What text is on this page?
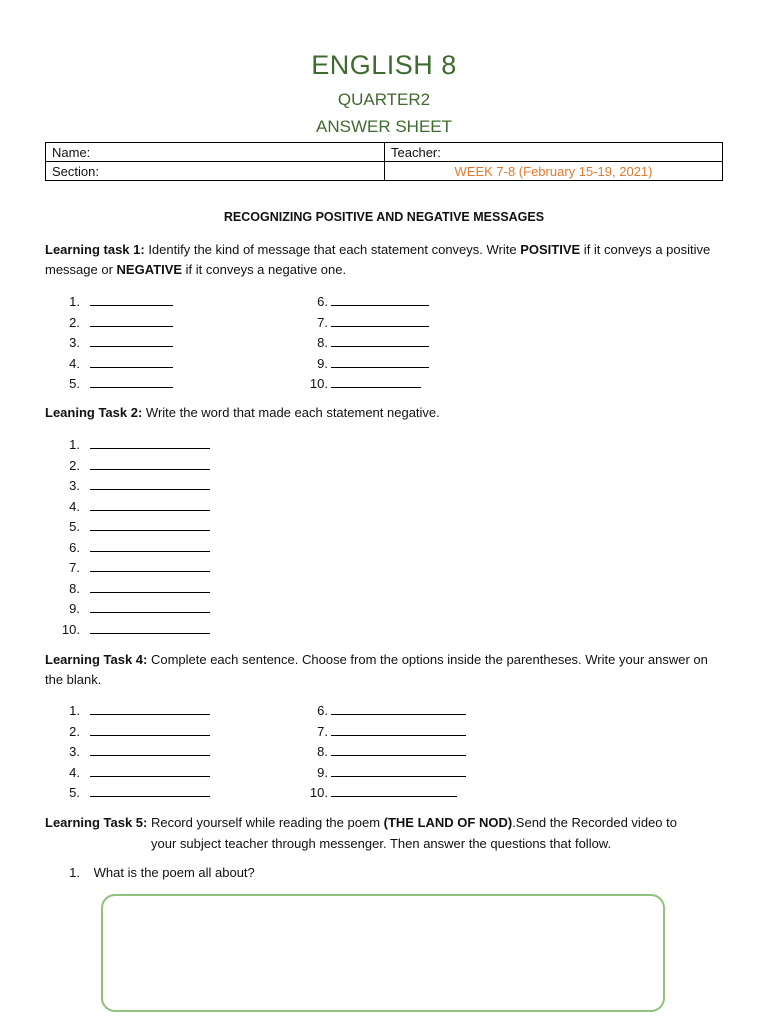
ENGLISH 8
QUARTER2
ANSWER SHEET
Name:	Teacher:
Section:	WEEK 7-8 (February 15-19, 2021)
RECOGNIZING POSITIVE AND NEGATIVE MESSAGES
Learning task 1: Identify the kind of message that each statement conveys. Write POSITIVE if it conveys a positive message or NEGATIVE if it conveys a negative one.
1.
2.
3.
4.
5.
6.
7.
8.
9.
10.
Leaning Task 2: Write the word that made each statement negative.
1.
2.
3.
4.
5.
6.
7.
8.
9.
10.
Learning Task 4: Complete each sentence. Choose from the options inside the parentheses. Write your answer on the blank.
1.
2.
3.
4.
5.
6.
7.
8.
9.
10.
Learning Task 5: Record yourself while reading the poem (THE LAND OF NOD).Send the Recorded video to
your subject teacher through messenger. Then answer the questions that follow.
1. What is the poem all about?
